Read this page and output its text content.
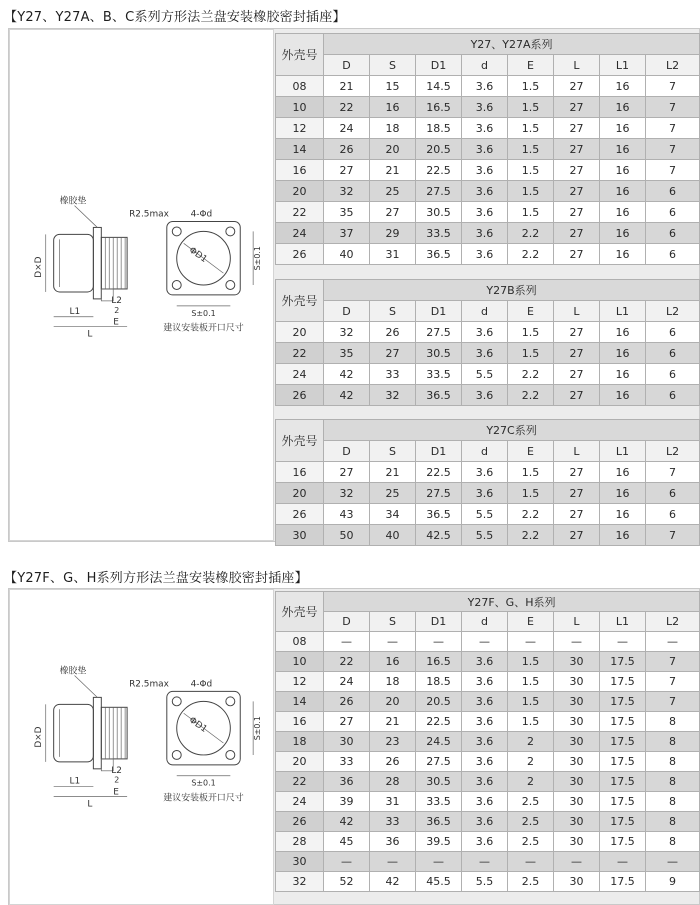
【Y27、Y27A、B、C系列方形法兰盘安装橡胶密封插座】
橡胶垫
D×D
L1
L
2
L2
E
ΦD1
R2.5max 4-Φd
S±0.1
S±0.1
建议安装板开口尺寸
外壳号	Y27、Y27A系列							
	D	S	D1	d	E	L	L1	L2
08	21	15	14.5	3.6	1.5	27	16	7
10	22	16	16.5	3.6	1.5	27	16	7
12	24	18	18.5	3.6	1.5	27	16	7
14	26	20	20.5	3.6	1.5	27	16	7
16	27	21	22.5	3.6	1.5	27	16	7
20	32	25	27.5	3.6	1.5	27	16	6
22	35	27	30.5	3.6	1.5	27	16	6
24	37	29	33.5	3.6	2.2	27	16	6
26	40	31	36.5	3.6	2.2	27	16	6
外壳号	Y27B系列							
	D	S	D1	d	E	L	L1	L2
20	32	26	27.5	3.6	1.5	27	16	6
22	35	27	30.5	3.6	1.5	27	16	6
24	42	33	33.5	5.5	2.2	27	16	6
26	42	32	36.5	3.6	2.2	27	16	6
外壳号	Y27C系列							
	D	S	D1	d	E	L	L1	L2
16	27	21	22.5	3.6	1.5	27	16	7
20	32	25	27.5	3.6	1.5	27	16	6
26	43	34	36.5	5.5	2.2	27	16	6
30	50	40	42.5	5.5	2.2	27	16	7
【Y27F、G、H系列方形法兰盘安装橡胶密封插座】
橡胶垫
D×D
L1
L
2
L2
E
ΦD1
R2.5max 4-Φd
S±0.1
S±0.1
建议安装板开口尺寸
外壳号	Y27F、G、H系列							
	D	S	D1	d	E	L	L1	L2
08	—	—	—	—	—	—	—	—
10	22	16	16.5	3.6	1.5	30	17.5	7
12	24	18	18.5	3.6	1.5	30	17.5	7
14	26	20	20.5	3.6	1.5	30	17.5	7
16	27	21	22.5	3.6	1.5	30	17.5	8
18	30	23	24.5	3.6	2	30	17.5	8
20	33	26	27.5	3.6	2	30	17.5	8
22	36	28	30.5	3.6	2	30	17.5	8
24	39	31	33.5	3.6	2.5	30	17.5	8
26	42	33	36.5	3.6	2.5	30	17.5	8
28	45	36	39.5	3.6	2.5	30	17.5	8
30	—	—	—	—	—	—	—	—
32	52	42	45.5	5.5	2.5	30	17.5	9
